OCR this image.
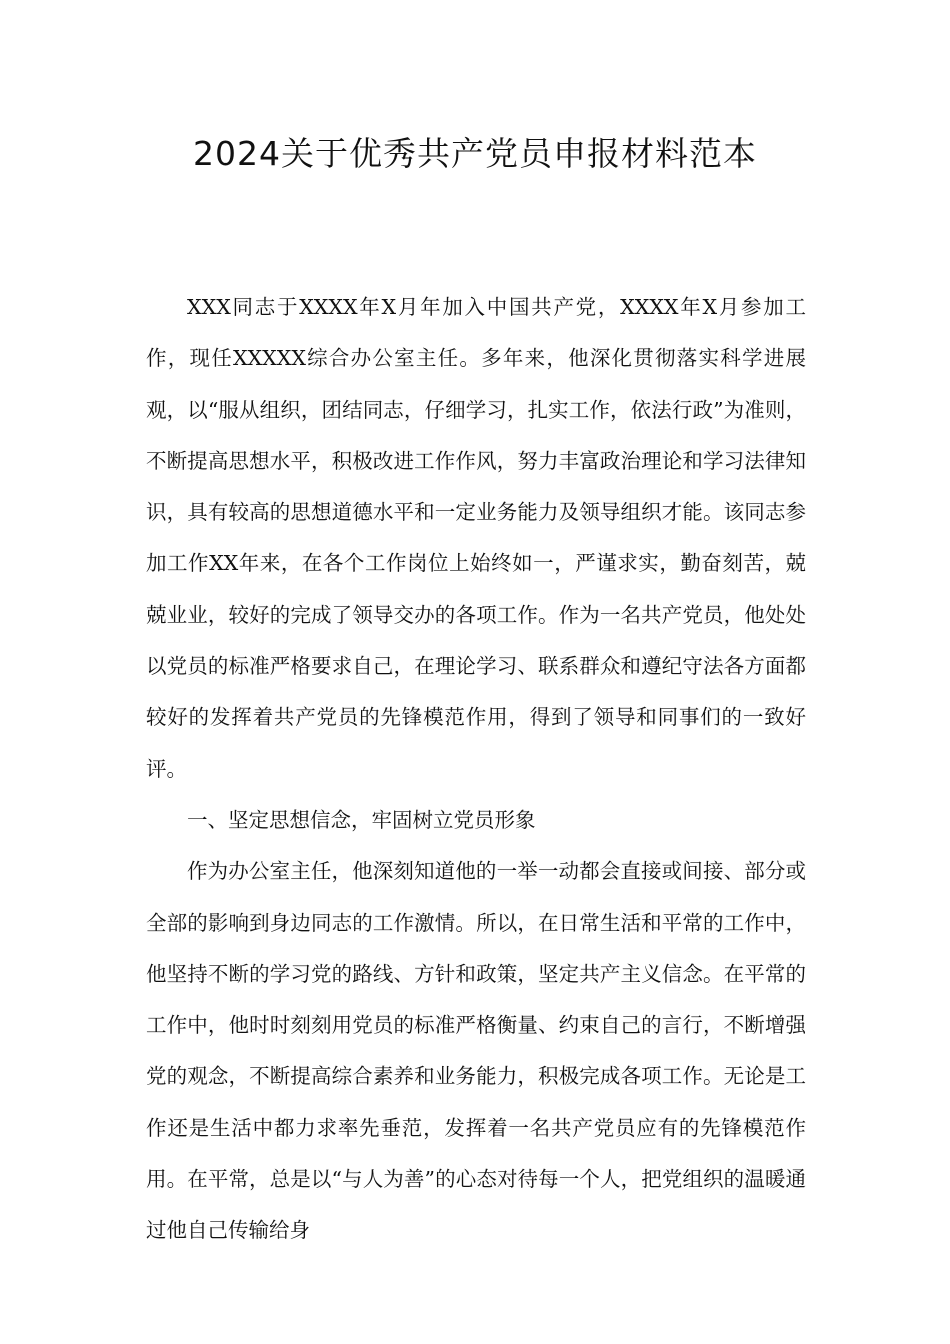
2024关于优秀共产党员申报材料范本

XXX同志于XXXX年X月年加入中国共产党，XXXX年X月参加工作，现任XXXXX综合办公室主任。多年来，他深化贯彻落实科学进展观，以“服从组织，团结同志，仔细学习，扎实工作，依法行政”为准则，不断提高思想水平，积极改进工作作风，努力丰富政治理论和学习法律知识，具有较高的思想道德水平和一定业务能力及领导组织才能。该同志参加工作XX年来，在各个工作岗位上始终如一，严谨求实，勤奋刻苦，兢兢业业，较好的完成了领导交办的各项工作。作为一名共产党员，他处处以党员的标准严格要求自己，在理论学习、联系群众和遵纪守法各方面都较好的发挥着共产党员的先锋模范作用，得到了领导和同事们的一致好评。

一、坚定思想信念，牢固树立党员形象

作为办公室主任，他深刻知道他的一举一动都会直接或间接、部分或全部的影响到身边同志的工作激情。所以，在日常生活和平常的工作中，他坚持不断的学习党的路线、方针和政策，坚定共产主义信念。在平常的工作中，他时时刻刻用党员的标准严格衡量、约束自己的言行，不断增强党的观念，不断提高综合素养和业务能力，积极完成各项工作。无论是工作还是生活中都力求率先垂范，发挥着一名共产党员应有的先锋模范作用。在平常，总是以“与人为善”的心态对待每一个人，把党组织的温暖通过他自己传输给身
